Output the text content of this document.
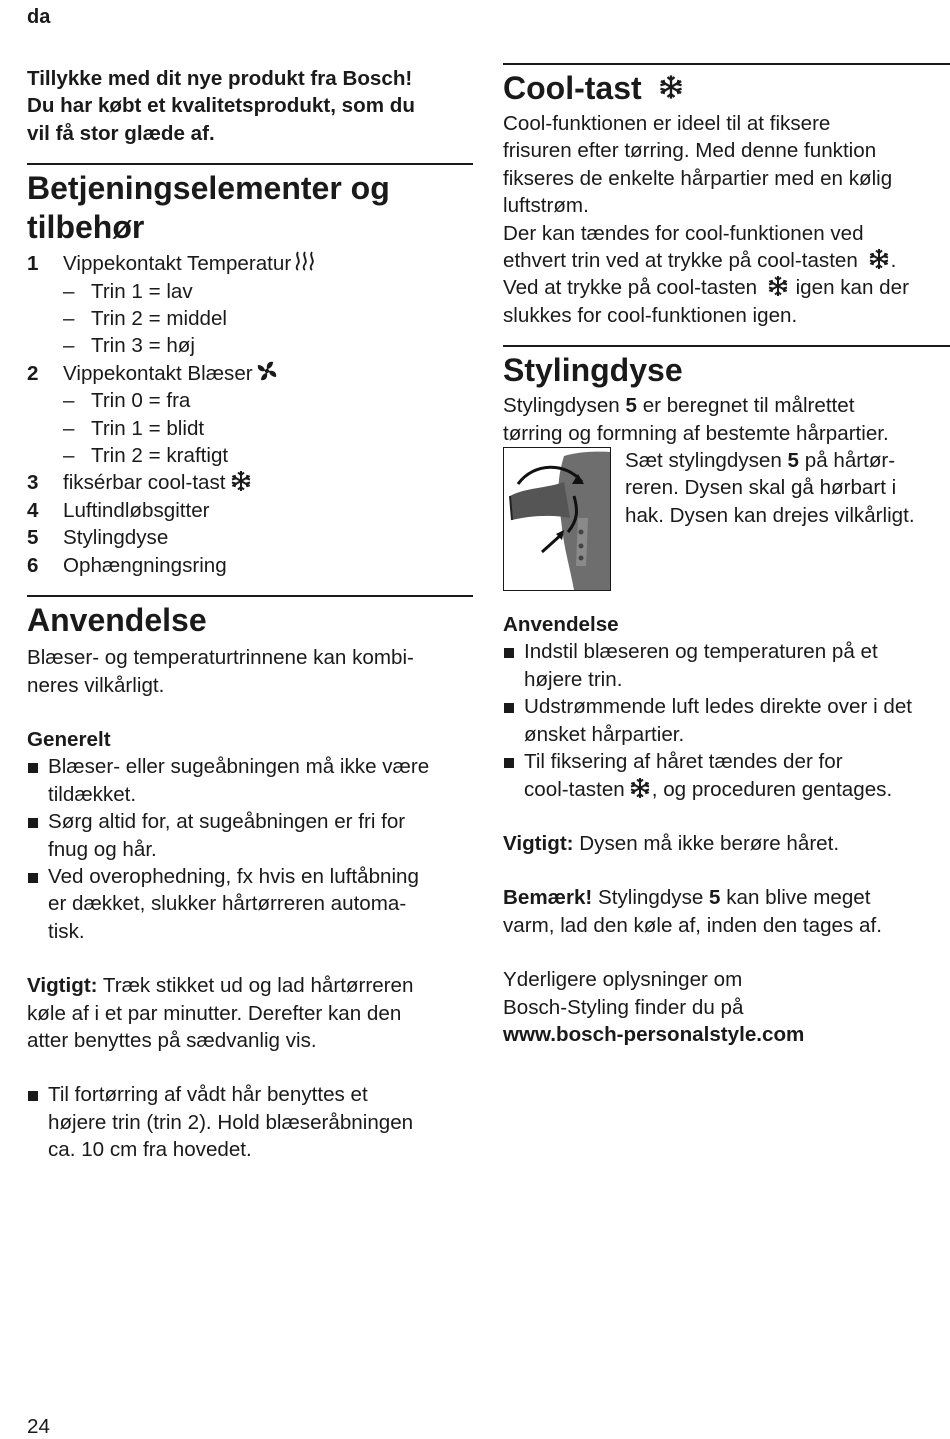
da

Tillykke med dit nye produkt fra Bosch!

Du har købt et kvalitetsprodukt, som du

vil få stor glæde af.

Betjeningselementer og
tilbehør
1	Vippekontakt Temperatur
– Trin 1 = lav
– Trin 2 = middel
– Trin 3 = høj
2	Vippekontakt Blæser
– Trin 0 = fra
– Trin 1 = blidt
– Trin 2 = kraftigt
3	fiksérbar cool-tast
4	Luftindløbsgitter
5	Stylingdyse
6	Ophængningsring
Anvendelse

Blæser- og temperaturtrinnene kan kombi-

neres vilkårligt.

Generelt

Blæser- eller sugeåbningen må ikke være
tildækket.
Sørg altid for, at sugeåbningen er fri for
fnug og hår.
Ved overophedning, fx hvis en luftåbning
er dækket, slukker hårtørreren automa-
tisk.

Vigtigt: Træk stikket ud og lad hårtørreren

køle af i et par minutter. Derefter kan den

atter benyttes på sædvanlig vis.

Til fortørring af vådt hår benyttes et
højere trin (trin 2). Hold blæseråbningen
ca. 10 cm fra hovedet.
Cool-tast

Cool-funktionen er ideel til at fiksere

frisuren efter tørring. Med denne funktion

fikseres de enkelte hårpartier med en kølig

luftstrøm.

Der kan tændes for cool-funktionen ved

ethvert trin ved at trykke på cool-tasten .

Ved at trykke på cool-tasten  igen kan der

slukkes for cool-funktionen igen.

Stylingdyse

Stylingdysen 5 er beregnet til målrettet

tørring og formning af bestemte hårpartier.

Sæt stylingdysen 5 på hårtør-

reren. Dysen skal gå hørbart i

hak. Dysen kan drejes vilkårligt.

Anvendelse

Indstil blæseren og temperaturen på et
højere trin.
Udstrømmende luft ledes direkte over i det
ønsket hårpartier.
Til fiksering af håret tændes der for
cool-tasten , og proceduren gentages.

Vigtigt: Dysen må ikke berøre håret.

Bemærk! Stylingdyse 5 kan blive meget

varm, lad den køle af, inden den tages af.

Yderligere oplysninger om

Bosch-Styling finder du på

www.bosch-personalstyle.com

24
